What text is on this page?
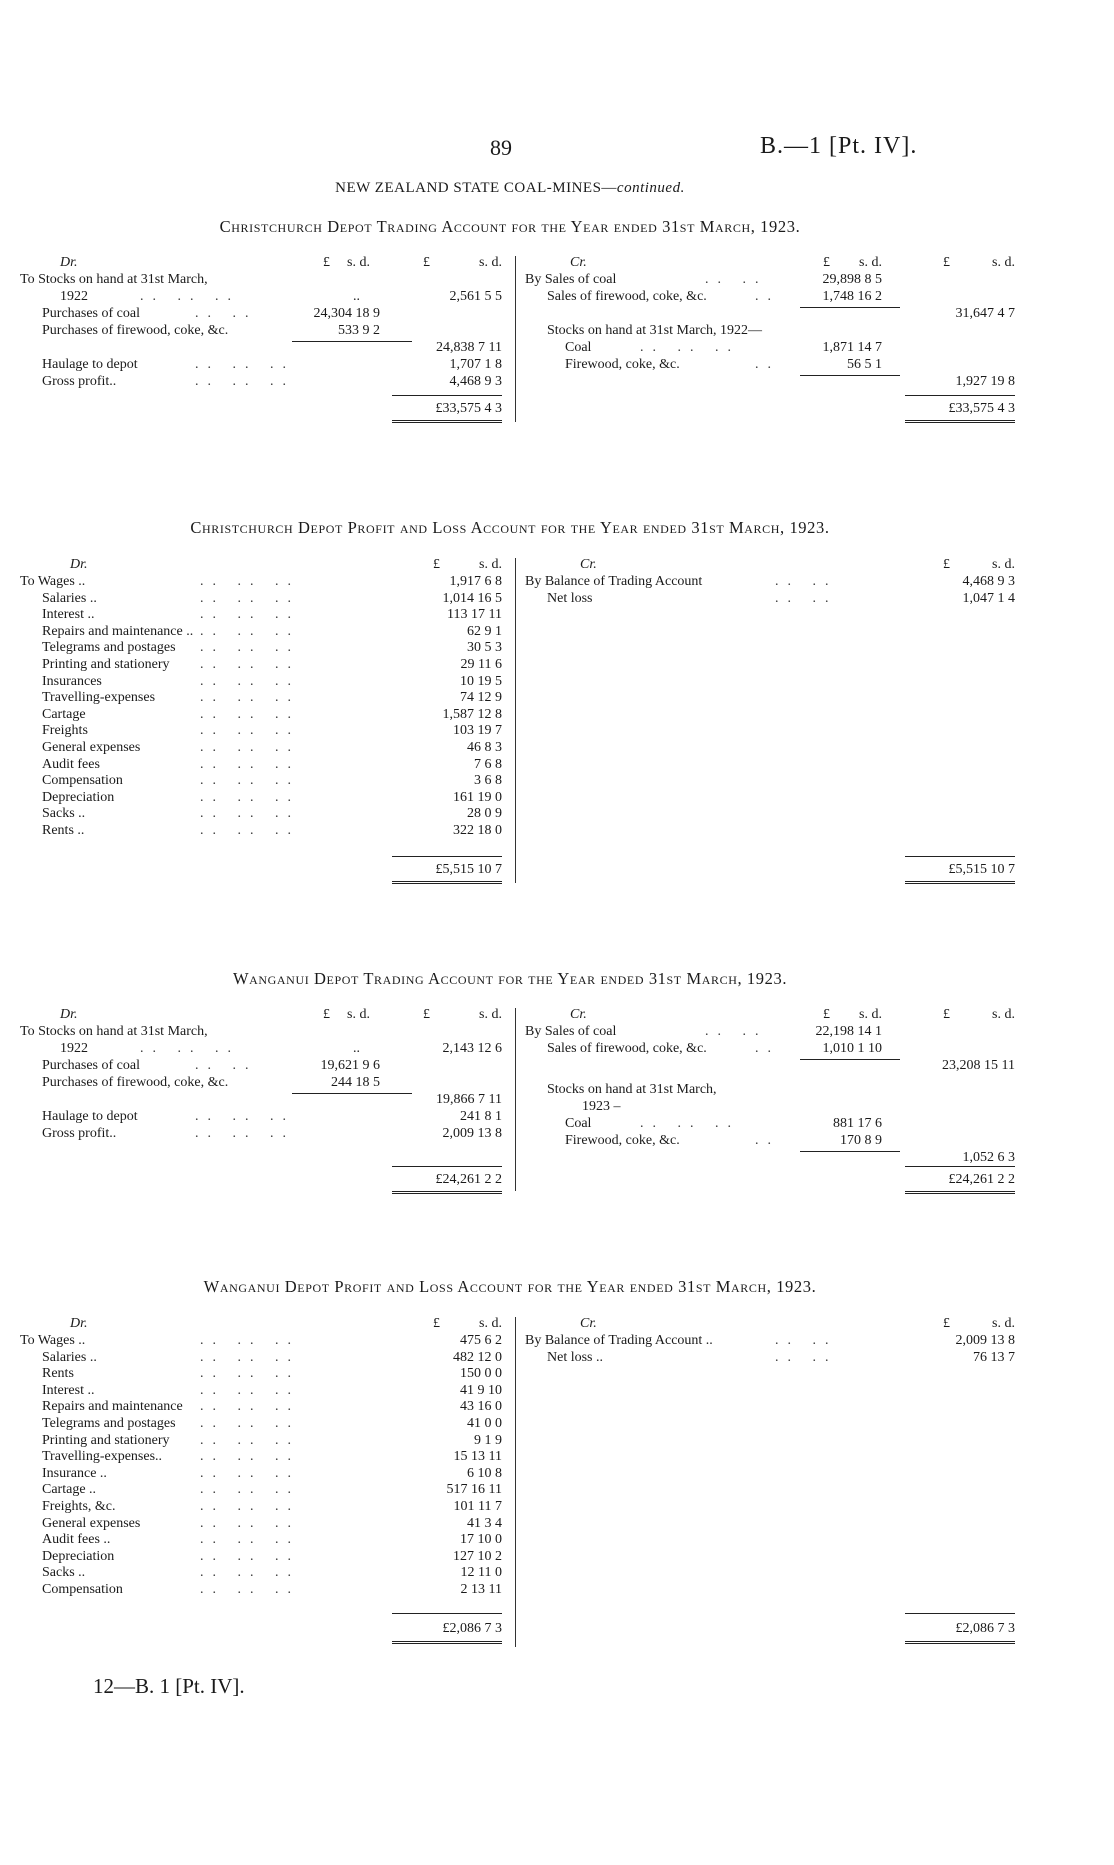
89	B.—1 [Pt. IV].
NEW ZEALAND STATE COAL-MINES—continued.
Christchurch Depot Trading Account for the Year ended 31st March, 1923.
Dr.	£	s. d.	£	s. d.
To Stocks on hand at 31st March,
1922	.. .. ..	..	2,561 5 5
Purchases of coal	.. ..	24,304 18 9
Purchases of firewood, coke, &c.	533 9 2
24,838 7 11
Haulage to depot	.. .. ..	1,707 1 8
Gross profit..	.. .. ..	4,468 9 3
£33,575 4 3
Cr.	£	s. d.	£	s. d.
By Sales of coal	.. ..	29,898 8 5
Sales of firewood, coke, &c.	..	1,748 16 2
31,647 4 7
Stocks on hand at 31st March, 1922—
Coal	.. .. ..	1,871 14 7
Firewood, coke, &c.	..	56 5 1
1,927 19 8
£33,575 4 3
Christchurch Depot Profit and Loss Account for the Year ended 31st March, 1923.
Dr.	£	s. d.
To Wages ..	.. .. ..	1,917 6 8
Salaries ..	.. .. ..	1,014 16 5
Interest ..	.. .. ..	113 17 11
Repairs and maintenance .. .. .. ..	62 9 1
Telegrams and postages .. .. ..	30 5 3
Printing and stationery .. .. ..	29 11 6
Insurances	.. .. ..	10 19 5
Travelling-expenses	.. .. ..	74 12 9
Cartage	.. .. ..	1,587 12 8
Freights	.. .. ..	103 19 7
General expenses	.. .. ..	46 8 3
Audit fees	.. .. ..	7 6 8
Compensation	.. .. ..	3 6 8
Depreciation	.. .. ..	161 19 0
Sacks ..	.. .. ..	28 0 9
Rents ..	.. .. ..	322 18 0
£5,515 10 7
Cr.	£	s. d.
By Balance of Trading Account	.. ..	4,468 9 3
Net loss	.. ..	1,047 1 4
£5,515 10 7
Wanganui Depot Trading Account for the Year ended 31st March, 1923.
Dr.	£	s. d.	£	s. d.
To Stocks on hand at 31st March,
1922	.. .. ..	..	2,143 12 6
Purchases of coal	.. ..	19,621 9 6
Purchases of firewood, coke, &c.	244 18 5
19,866 7 11
Haulage to depot	.. .. ..	241 8 1
Gross profit..	.. .. ..	2,009 13 8
£24,261 2 2
Cr.	£	s. d.	£	s. d.
By Sales of coal	.. ..	22,198 14 1
Sales of firewood, coke, &c.	..	1,010 1 10
23,208 15 11
Stocks on hand at 31st March,
1923 –
Coal	.. .. ..	881 17 6
Firewood, coke, &c.	..	170 8 9
1,052 6 3
£24,261 2 2
Wanganui Depot Profit and Loss Account for the Year ended 31st March, 1923.
Dr.	£	s. d.
To Wages ..	.. .. ..	475 6 2
Salaries ..	.. .. ..	482 12 0
Rents	.. .. ..	150 0 0
Interest ..	.. .. ..	41 9 10
Repairs and maintenance .. .. ..	43 16 0
Telegrams and postages .. .. ..	41 0 0
Printing and stationery .. .. ..	9 1 9
Travelling-expenses..	.. .. ..	15 13 11
Insurance ..	.. .. ..	6 10 8
Cartage ..	.. .. ..	517 16 11
Freights, &c.	.. .. ..	101 11 7
General expenses	.. .. ..	41 3 4
Audit fees ..	.. .. ..	17 10 0
Depreciation	.. .. ..	127 10 2
Sacks ..	.. .. ..	12 11 0
Compensation	.. .. ..	2 13 11
£2,086 7 3
Cr.	£	s. d.
By Balance of Trading Account ..	.. ..	2,009 13 8
Net loss ..	.. ..	76 13 7
£2,086 7 3
12—B. 1 [Pt. IV].
